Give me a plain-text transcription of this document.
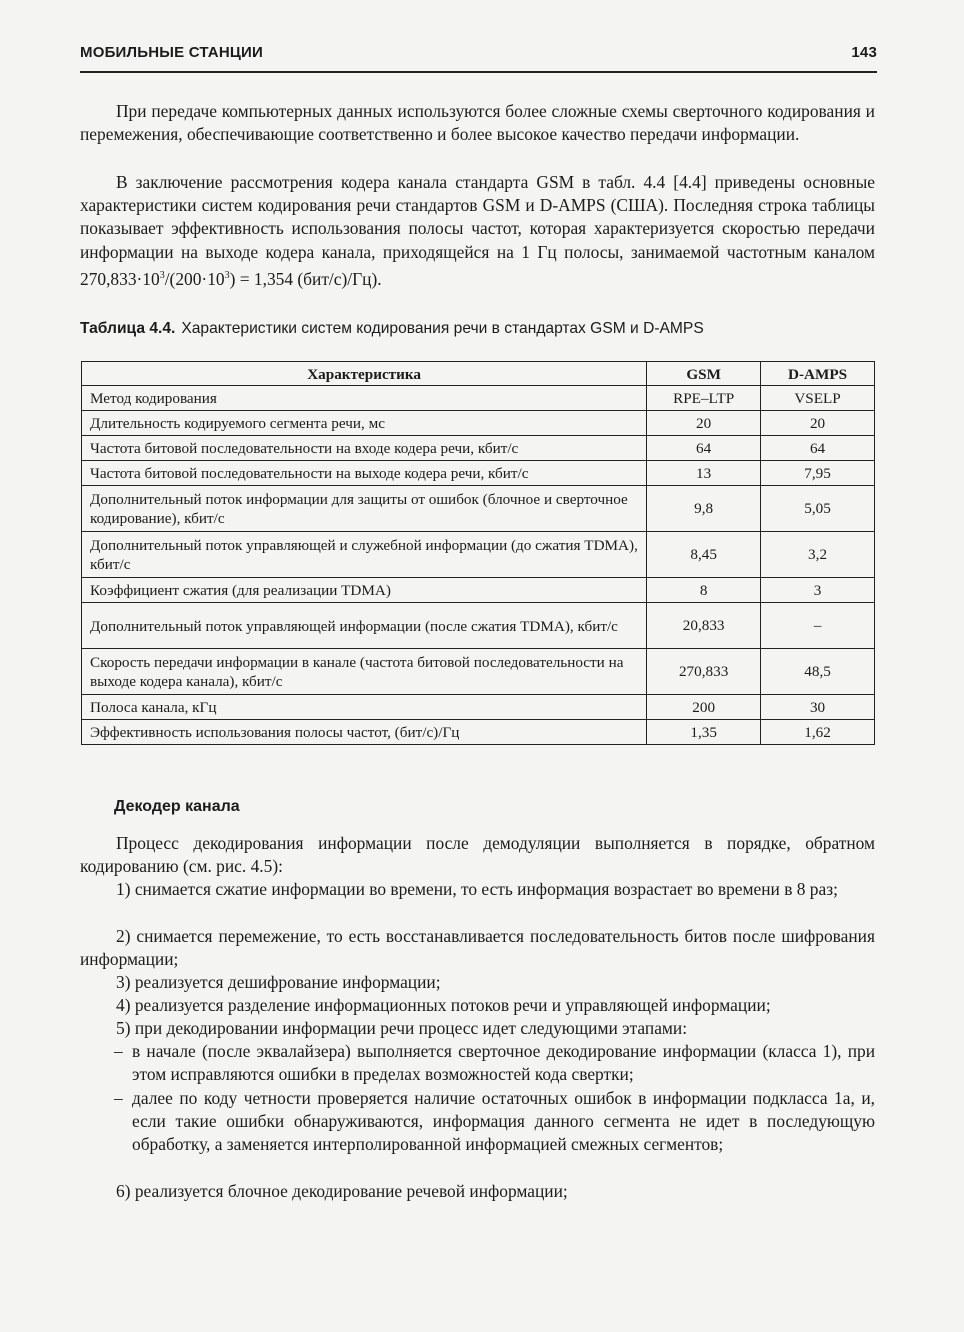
МОБИЛЬНЫЕ СТАНЦИИ	143

При передаче компьютерных данных используются более сложные схемы сверточного кодирования и перемежения, обеспечивающие соответственно и более высокое качество передачи информации.

В заключение рассмотрения кодера канала стандарта GSM в табл. 4.4 [4.4] приведены основные характеристики систем кодирования речи стандартов GSM и D-AMPS (США). Последняя строка таблицы показывает эффективность использования полосы частот, которая характеризуется скоростью передачи информации на выходе кодера канала, приходящейся на 1 Гц полосы, занимаемой частотным каналом $270,833\cdot 10^3/(200\cdot 10^3) = 1,354$ (бит/с)/Гц).

Таблица 4.4. Характеристики систем кодирования речи в стандартах GSM и D-AMPS
Характеристика	GSM	D-AMPS
Метод кодирования	RPE–LTP	VSELP
Длительность кодируемого сегмента речи, мс	20	20
Частота битовой последовательности на входе кодера речи, кбит/с	64	64
Частота битовой последовательности на выходе кодера речи, кбит/с	13	7,95
Дополнительный поток информации для защиты от ошибок (блочное и сверточное кодирование), кбит/с	9,8	5,05
Дополнительный поток управляющей и служебной информации (до сжатия TDMA), кбит/с	8,45	3,2
Коэффициент сжатия (для реализации TDMA)	8	3
Дополнительный поток управляющей информации (после сжатия TDMA), кбит/с	20,833	–
Скорость передачи информации в канале (частота битовой последовательности на выходе кодера канала), кбит/с	270,833	48,5
Полоса канала, кГц	200	30
Эффективность использования полосы частот, (бит/с)/Гц	1,35	1,62
Декодер канала

Процесс декодирования информации после демодуляции выполняется в порядке, обратном кодированию (см. рис. 4.5):

1) снимается сжатие информации во времени, то есть информация возрастает во времени в 8 раз;

2) снимается перемежение, то есть восстанавливается последовательность битов после шифрования информации;

3) реализуется дешифрование информации;

4) реализуется разделение информационных потоков речи и управляющей информации;

5) при декодировании информации речи процесс идет следующими этапами:

– в начале (после эквалайзера) выполняется сверточное декодирование информации (класса 1), при этом исправляются ошибки в пределах возможностей кода свертки;
– далее по коду четности проверяется наличие остаточных ошибок в информации подкласса 1а, и, если такие ошибки обнаруживаются, информация данного сегмента не идет в последующую обработку, а заменяется интерполированной информацией смежных сегментов;

6) реализуется блочное декодирование речевой информации;
